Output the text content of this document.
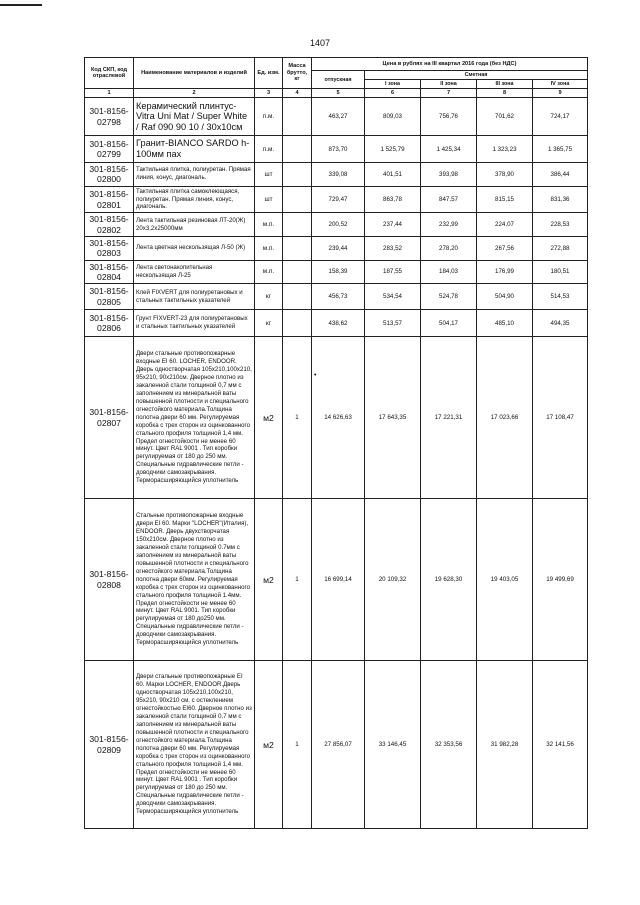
1407
•
Код СКП, код отраслевой	Наименование материалов и изделий	Ед. изм.	Масса брутто, кг	Цена в рублях на III квартал 2016 года (без НДС)				
				отпускная	Сметная			
					I зона	II зона	III зона	IV зона
1	2	3	4	5	6	7	8	9
301-8156-02798	Керамический плинтус-Vitra Uni Mat / Super White / Raf 090 90 10 / 30x10см	п.м.		463,27	809,03	756,76	701,62	724,17
301-8156-02799	Гранит-BIANCO SARDO h-100мм пах	п.м.		873,70	1 525,79	1 425,34	1 323,23	1 365,75
301-8156-02800	Тактильная плитка, полиуретан. Прямая линия, конус, диагональ.	шт		339,08	401,51	393,98	378,90	386,44
301-8156-02801	Тактильная плитка самоклеющаяся, полиуретан. Прямая линия, конус, диагональ.	шт		729,47	863,78	847,57	815,15	831,36
301-8156-02802	Лента тактильная резиновая ЛТ-20(Ж) 20x3,2x25000мм	м.п.		200,52	237,44	232,99	224,07	228,53
301-8156-02803	Лента цветная нескользящая Л-50 (Ж)	м.п.		239,44	283,52	278,20	267,56	272,88
301-8156-02804	Лента светонакопительная нескользящая Л-25	м.п.		158,39	187,55	184,03	176,99	180,51
301-8156-02805	Клей FIXVERT для полиуретановых и стальных тактильных указателей	кг		456,73	534,54	524,78	504,90	514,53
301-8156-02806	Грунт FIXVERT-23 для полиуретановых и стальных тактильных указателей	кг		438,62	513,57	504,17	485,10	494,35
301-8156-02807	Двери стальные противопожарные входные EI 60. LOCHER, ENDOOR. Дверь одностворчатая 105x210,100x210, 95x210, 90x210см. Дверное плотно из закаленной стали толщиной 0,7 мм с заполнением из минеральной ваты повышенной плотности и специального огнестойкого материала.Толщина полотна двери 60 мм. Регулируемая коробка с трех сторон из оцинкованного стального профиля толщиной 1,4 мм. Предел огнестойкости не менее 60 минут. Цвет RAL 9001 . Тип коробки регулируемая от 180 до 250 мм. Специальные гидравлические петли - доводчики самозакрывания. Терморасширяющийся уплотнитель	м2	1	14 626,63	17 643,35	17 221,31	17 023,66	17 108,47
301-8156-02808	Стальные противопожарные входные двери EI 60. Марки "LOCHER"(Италия), ENDOOR. Дверь двухстворчатая 150x210см. Дверное плотно из закаленной стали толщиной 0.7мм с заполнением из минеральной ваты повышенной плотности и специального огнестойкого материала.Толщина полотна двери 60мм. Регулируемая коробка с трех сторон из оцинкованного стального профиля толщиной 1.4мм. Предел огнестойкости не менее 60 минут. Цвет RAL 9001. Тип коробки регулируемая от 180 до250 мм. Специальные гидравлические петли - доводчики самозакрывания. Терморасширяющийся уплотнитель	м2	1	16 699,14	20 109,32	19 628,30	19 403,05	19 499,69
301-8156-02809	Двери стальные противопожарные EI 60. Марки LOCHER, ENDOOR.Дверь одностворчатая 105x210,100x210, 95x210, 90x210 см. с остеклением огнестойкостью EI60. Дверное плотно из закаленной стали толщиной 0,7 мм с заполнением из минеральной ваты повышенной плотности и специального огнестойкого материала.Толщина полотна двери 60 мм. Регулируемая коробка с трех сторон из оцинкованного стального профиля толщиной 1,4 мм. Предел огнестойкости не менее 60 минут. Цвет RAL 9001 . Тип коробки регулируемая от 180 до 250 мм. Специальные гидравлические петли - доводчики самозакрывания. Терморасширяющийся уплотнитель	м2	1	27 856,07	33 146,45	32 353,56	31 982,28	32 141,56
